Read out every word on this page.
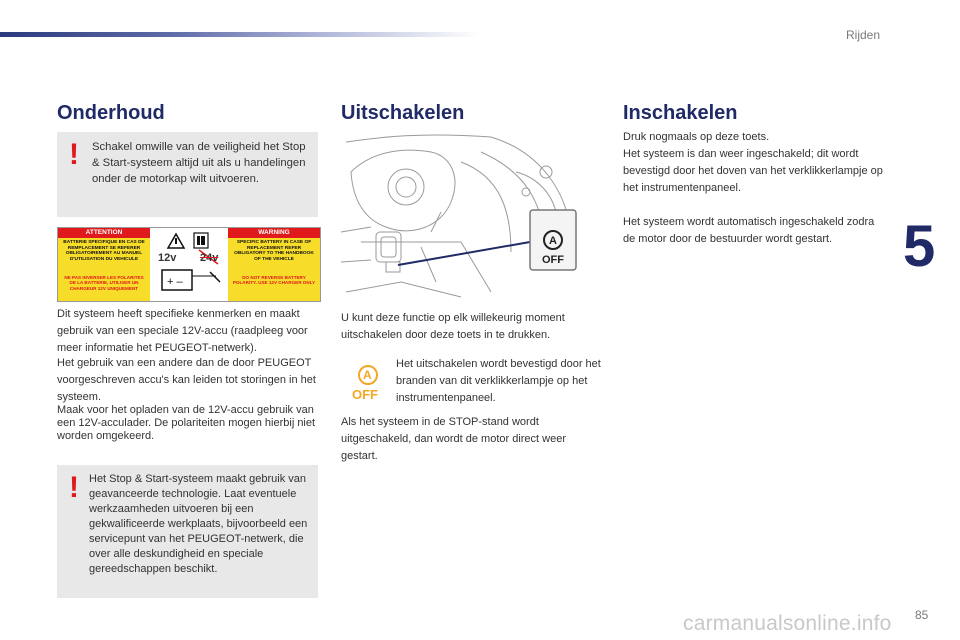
Rijden
5
Onderhoud
! Schakel omwille van de veiligheid het Stop & Start-systeem altijd uit als u handelingen onder de motorkap wilt uitvoeren.

ATTENTION
BATTERIE SPECIFIQUE EN CAS DE REMPLACEMENT SE REFERER OBLIGATOIREMENT AU MANUEL D'UTILISATION DU VEHICULE
NE PAS INVERSER LES POLARITES DE LA BATTERIE, UTILISER UN CHARGEUR 12V UNIQUEMENT
+ –
12v 24v
WARNING
SPECIFIC BATTERY IN CASE OF REPLACEMENT REFER OBLIGATORY TO THE HANDBOOK OF THE VEHICLE
DO NOT REVERSE BATTERY POLARITY. USE 12V CHARGER ONLY

Dit systeem heeft specifieke kenmerken en maakt gebruik van een speciale 12V-accu (raadpleeg voor meer informatie het PEUGEOT-netwerk).

Het gebruik van een andere dan de door PEUGEOT voorgeschreven accu's kan leiden tot storingen in het systeem.

Maak voor het opladen van de 12V-accu gebruik van een 12V-acculader. De polariteiten mogen hierbij niet worden omgekeerd.

! Het Stop & Start-systeem maakt gebruik van geavanceerde technologie. Laat eventuele werkzaamheden uitvoeren bij een gekwalificeerde werkplaats, bijvoorbeeld een servicepunt van het PEUGEOT-netwerk, die over alle deskundigheid en speciale gereedschappen beschikt.

Uitschakelen
A
OFF

U kunt deze functie op elk willekeurig moment uitschakelen door deze toets in te drukken.

A
OFF

Het uitschakelen wordt bevestigd door het branden van dit verklikkerlampje op het instrumentenpaneel.

Als het systeem in de STOP-stand wordt uitgeschakeld, dan wordt de motor direct weer gestart.

Inschakelen

Druk nogmaals op deze toets.

Het systeem is dan weer ingeschakeld; dit wordt bevestigd door het doven van het verklikkerlampje op het instrumentenpaneel.

Het systeem wordt automatisch ingeschakeld zodra de motor door de bestuurder wordt gestart.

85
carmanualsonline.info
